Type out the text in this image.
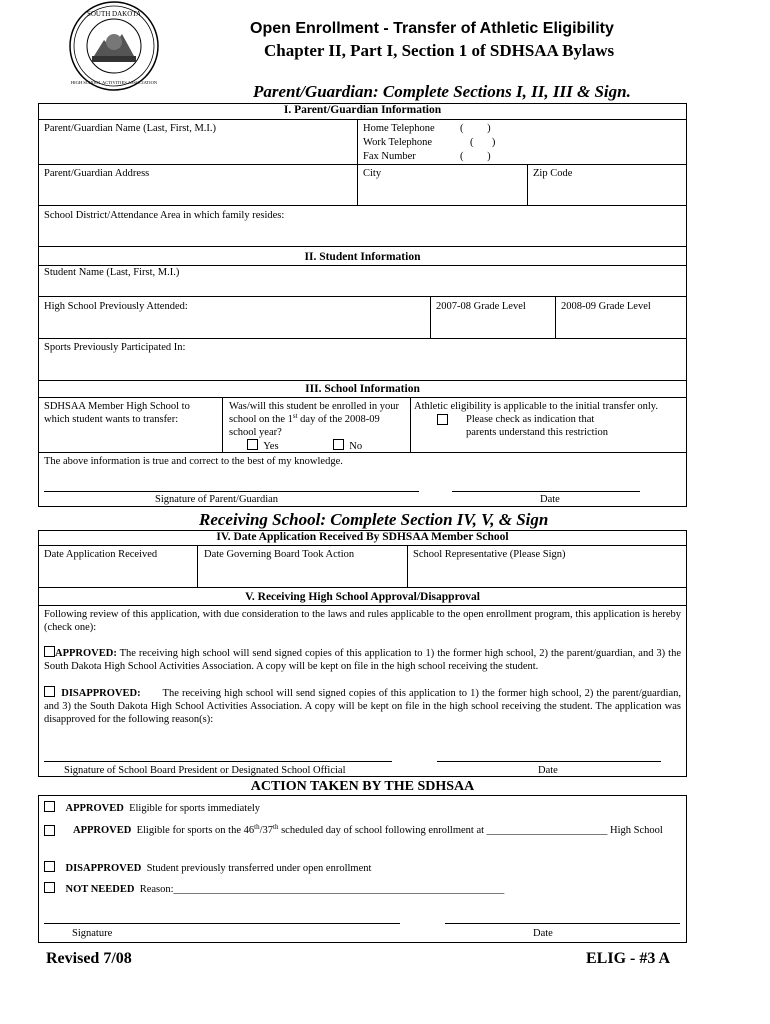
SOUTH DAKOTA
HIGH SCHOOL ACTIVITIES ASSOCIATION
Open Enrollment - Transfer of Athletic Eligibility
Chapter II, Part I, Section 1 of SDHSAA Bylaws
Parent/Guardian: Complete Sections I, II, III & Sign.
I. Parent/Guardian Information
Parent/Guardian Name (Last, First, M.I.)	Home Telephone (         )
Work Telephone	(       )
Fax Number	(         )
Parent/Guardian Address	City	Zip Code
School District/Attendance Area in which family resides:
II. Student Information
Student Name (Last, First, M.I.)
High School Previously Attended:	2007-08 Grade Level	2008-09 Grade Level
Sports Previously Participated In:
III. School Information
SDHSAA Member High School to which student wants to transfer:
Was/will this student be enrolled in your school on the 1st day of the 2008-09 school year?
Yes	No
Athletic eligibility is applicable to the initial transfer only.
Please check as indication that parents understand this restriction
The above information is true and correct to the best of my knowledge.
Signature of Parent/Guardian	Date
Receiving School: Complete Section IV, V, & Sign
IV. Date Application Received By SDHSAA Member School
Date Application Received	Date Governing Board Took Action	School Representative (Please Sign)
V. Receiving High School Approval/Disapproval
Following review of this application, with due consideration to the laws and rules applicable to the open enrollment program, this application is hereby (check one):
APPROVED: The receiving high school will send signed copies of this application to 1) the former high school, 2) the parent/guardian, and 3) the South Dakota High School Activities Association. A copy will be kept on file in the high school receiving the student.
DISAPPROVED: The receiving high school will send signed copies of this application to 1) the former high school, 2) the parent/guardian, and 3) the South Dakota High School Activities Association. A copy will be kept on file in the high school receiving the student. The application was disapproved for the following reason(s):
Signature of School Board President or Designated School Official	Date
ACTION TAKEN BY THE SDHSAA
APPROVED Eligible for sports immediately
APPROVED Eligible for sports on the 46th/37th scheduled day of school following enrollment at _______________________ High School
DISAPPROVED Student previously transferred under open enrollment
NOT NEEDED Reason:_______________________________________________________________
Signature	Date
Revised 7/08	ELIG - #3 A
